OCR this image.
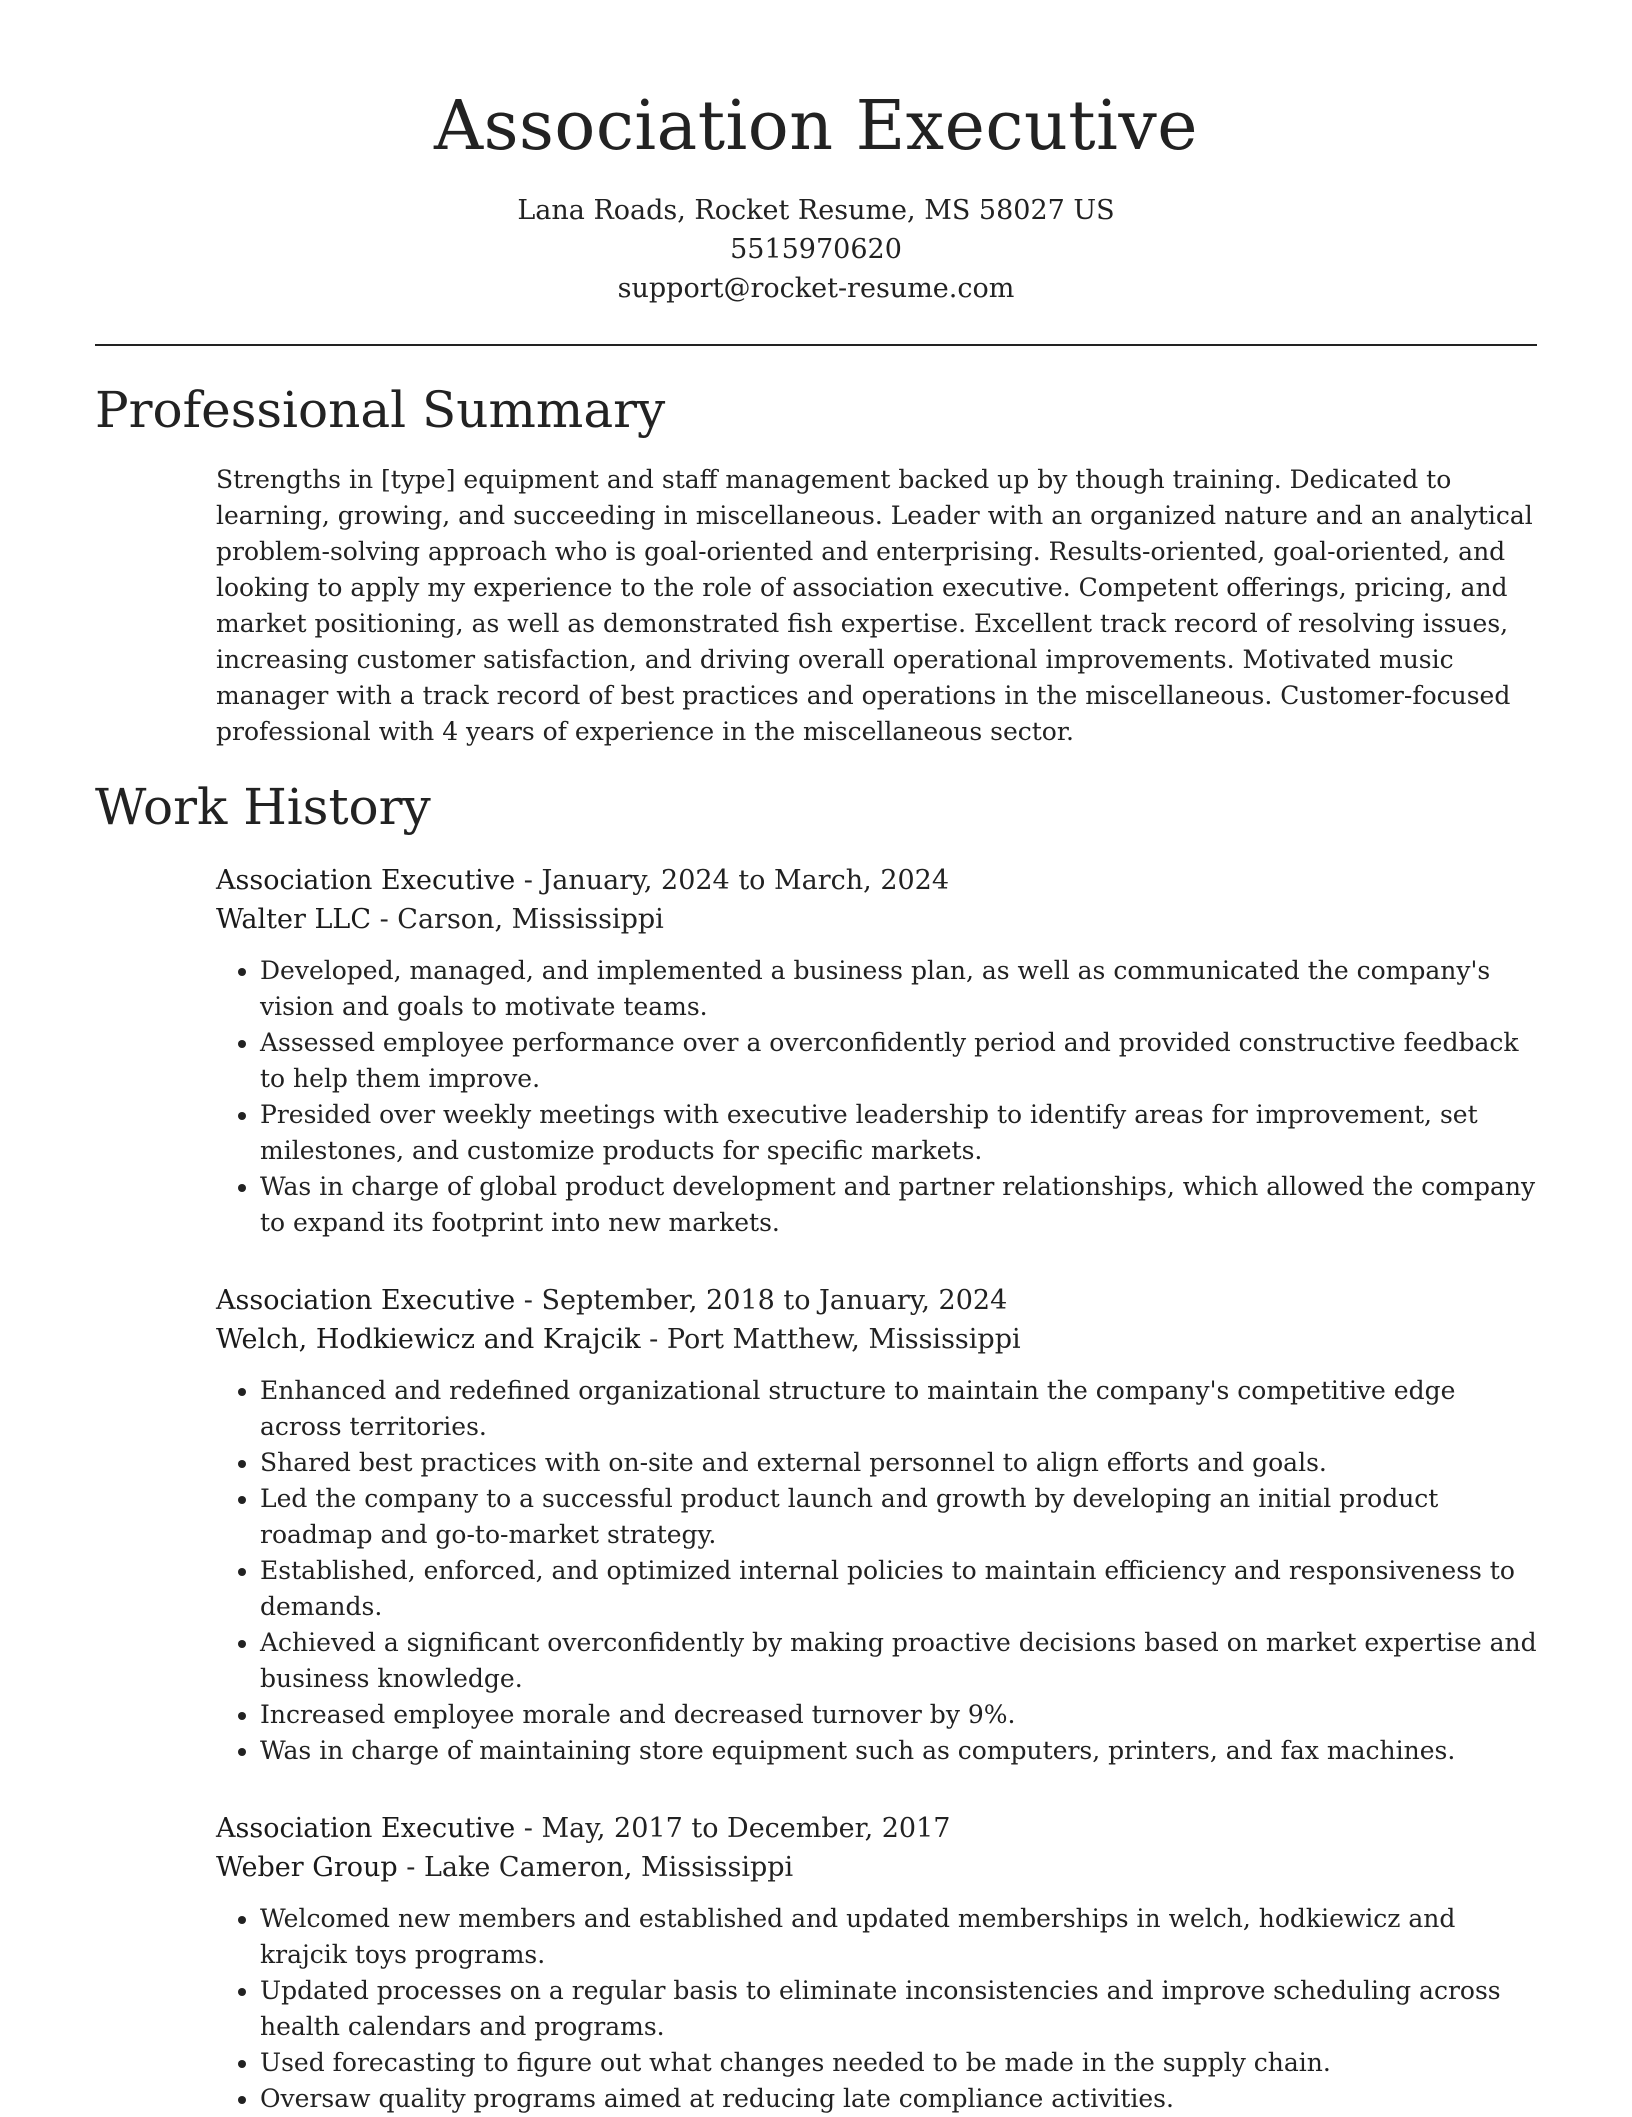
Association Executive
Lana Roads, Rocket Resume, MS 58027 US
5515970620
support@rocket-resume.com
Professional Summary

Strengths in [type] equipment and staff management backed up by though training. Dedicated to learning, growing, and succeeding in miscellaneous. Leader with an organized nature and an analytical problem-solving approach who is goal-oriented and enterprising. Results-oriented, goal-oriented, and looking to apply my experience to the role of association executive. Competent offerings, pricing, and market positioning, as well as demonstrated fish expertise. Excellent track record of resolving issues, increasing customer satisfaction, and driving overall operational improvements. Motivated music manager with a track record of best practices and operations in the miscellaneous. Customer-focused professional with 4 years of experience in the miscellaneous sector.

Work History
Association Executive - January, 2024 to March, 2024
Walter LLC - Carson, Mississippi
• Developed, managed, and implemented a business plan, as well as communicated the company's vision and goals to motivate teams.
• Assessed employee performance over a overconfidently period and provided constructive feedback to help them improve.
• Presided over weekly meetings with executive leadership to identify areas for improvement, set milestones, and customize products for specific markets.
• Was in charge of global product development and partner relationships, which allowed the company to expand its footprint into new markets.
Association Executive - September, 2018 to January, 2024
Welch, Hodkiewicz and Krajcik - Port Matthew, Mississippi
• Enhanced and redefined organizational structure to maintain the company's competitive edge across territories.
• Shared best practices with on-site and external personnel to align efforts and goals.
• Led the company to a successful product launch and growth by developing an initial product roadmap and go-to-market strategy.
• Established, enforced, and optimized internal policies to maintain efficiency and responsiveness to demands.
• Achieved a significant overconfidently by making proactive decisions based on market expertise and business knowledge.
• Increased employee morale and decreased turnover by 9%.
• Was in charge of maintaining store equipment such as computers, printers, and fax machines.
Association Executive - May, 2017 to December, 2017
Weber Group - Lake Cameron, Mississippi
• Welcomed new members and established and updated memberships in welch, hodkiewicz and krajcik toys programs.
• Updated processes on a regular basis to eliminate inconsistencies and improve scheduling across health calendars and programs.
• Used forecasting to figure out what changes needed to be made in the supply chain.
• Oversaw quality programs aimed at reducing late compliance activities.
